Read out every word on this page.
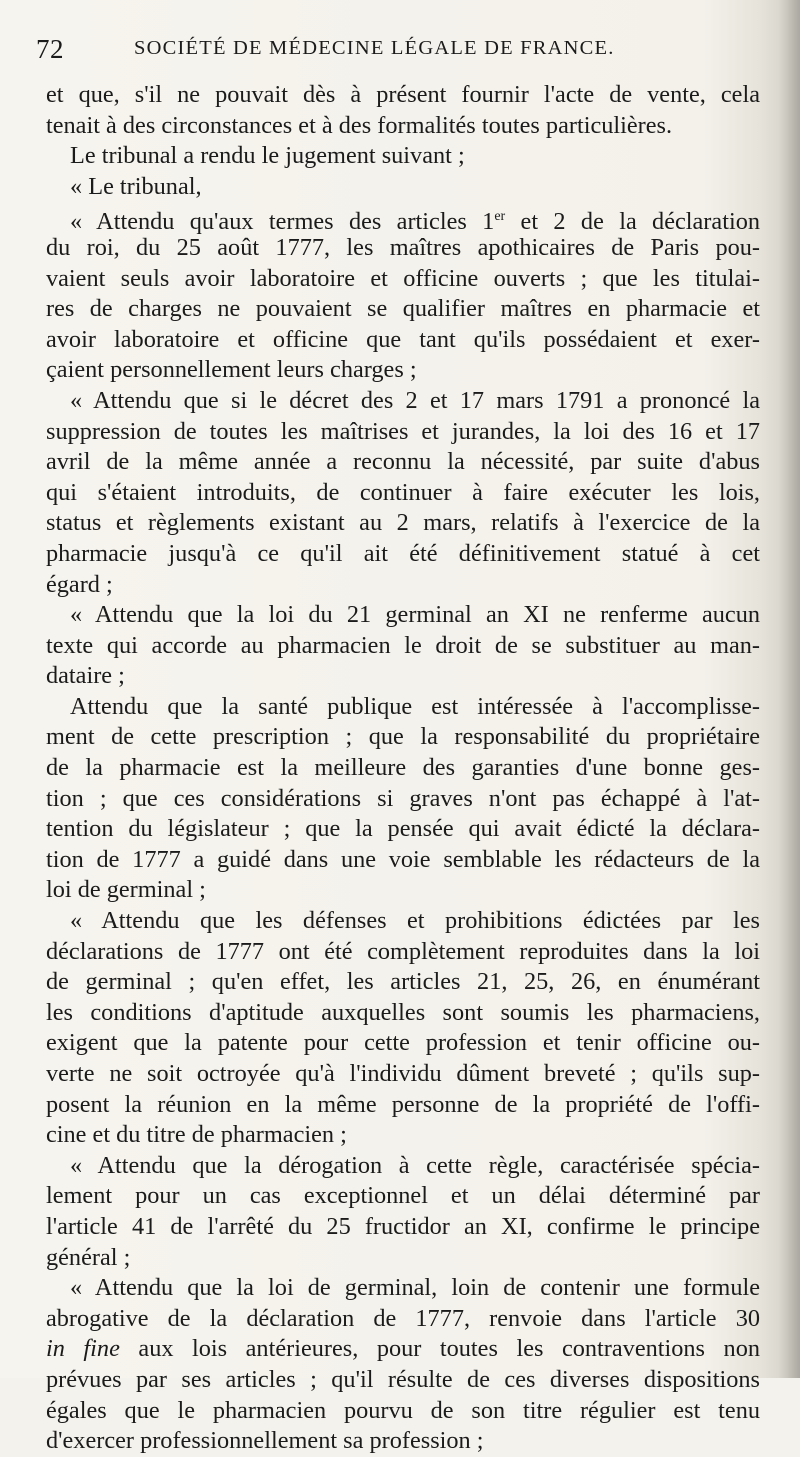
72	SOCIÉTÉ DE MÉDECINE LÉGALE DE FRANCE.
et que, s'il ne pouvait dès à présent fournir l'acte de vente, cela
tenait à des circonstances et à des formalités toutes particulières.
Le tribunal a rendu le jugement suivant ;
« Le tribunal,
« Attendu qu'aux termes des articles 1er et 2 de la déclaration
du roi, du 25 août 1777, les maîtres apothicaires de Paris pou-
vaient seuls avoir laboratoire et officine ouverts ; que les titulai-
res de charges ne pouvaient se qualifier maîtres en pharmacie et
avoir laboratoire et officine que tant qu'ils possédaient et exer-
çaient personnellement leurs charges ;
« Attendu que si le décret des 2 et 17 mars 1791 a prononcé la
suppression de toutes les maîtrises et jurandes, la loi des 16 et 17
avril de la même année a reconnu la nécessité, par suite d'abus
qui s'étaient introduits, de continuer à faire exécuter les lois,
status et règlements existant au 2 mars, relatifs à l'exercice de la
pharmacie jusqu'à ce qu'il ait été définitivement statué à cet
égard ;
« Attendu que la loi du 21 germinal an XI ne renferme aucun
texte qui accorde au pharmacien le droit de se substituer au man-
dataire ;
Attendu que la santé publique est intéressée à l'accomplisse-
ment de cette prescription ; que la responsabilité du propriétaire
de la pharmacie est la meilleure des garanties d'une bonne ges-
tion ; que ces considérations si graves n'ont pas échappé à l'at-
tention du législateur ; que la pensée qui avait édicté la déclara-
tion de 1777 a guidé dans une voie semblable les rédacteurs de la
loi de germinal ;
« Attendu que les défenses et prohibitions édictées par les
déclarations de 1777 ont été complètement reproduites dans la loi
de germinal ; qu'en effet, les articles 21, 25, 26, en énumérant
les conditions d'aptitude auxquelles sont soumis les pharmaciens,
exigent que la patente pour cette profession et tenir officine ou-
verte ne soit octroyée qu'à l'individu dûment breveté ; qu'ils sup-
posent la réunion en la même personne de la propriété de l'offi-
cine et du titre de pharmacien ;
« Attendu que la dérogation à cette règle, caractérisée spécia-
lement pour un cas exceptionnel et un délai déterminé par
l'article 41 de l'arrêté du 25 fructidor an XI, confirme le principe
général ;
« Attendu que la loi de germinal, loin de contenir une formule
abrogative de la déclaration de 1777, renvoie dans l'article 30
in fine aux lois antérieures, pour toutes les contraventions non
prévues par ses articles ; qu'il résulte de ces diverses dispositions
égales que le pharmacien pourvu de son titre régulier est tenu
d'exercer professionnellement sa profession ;
